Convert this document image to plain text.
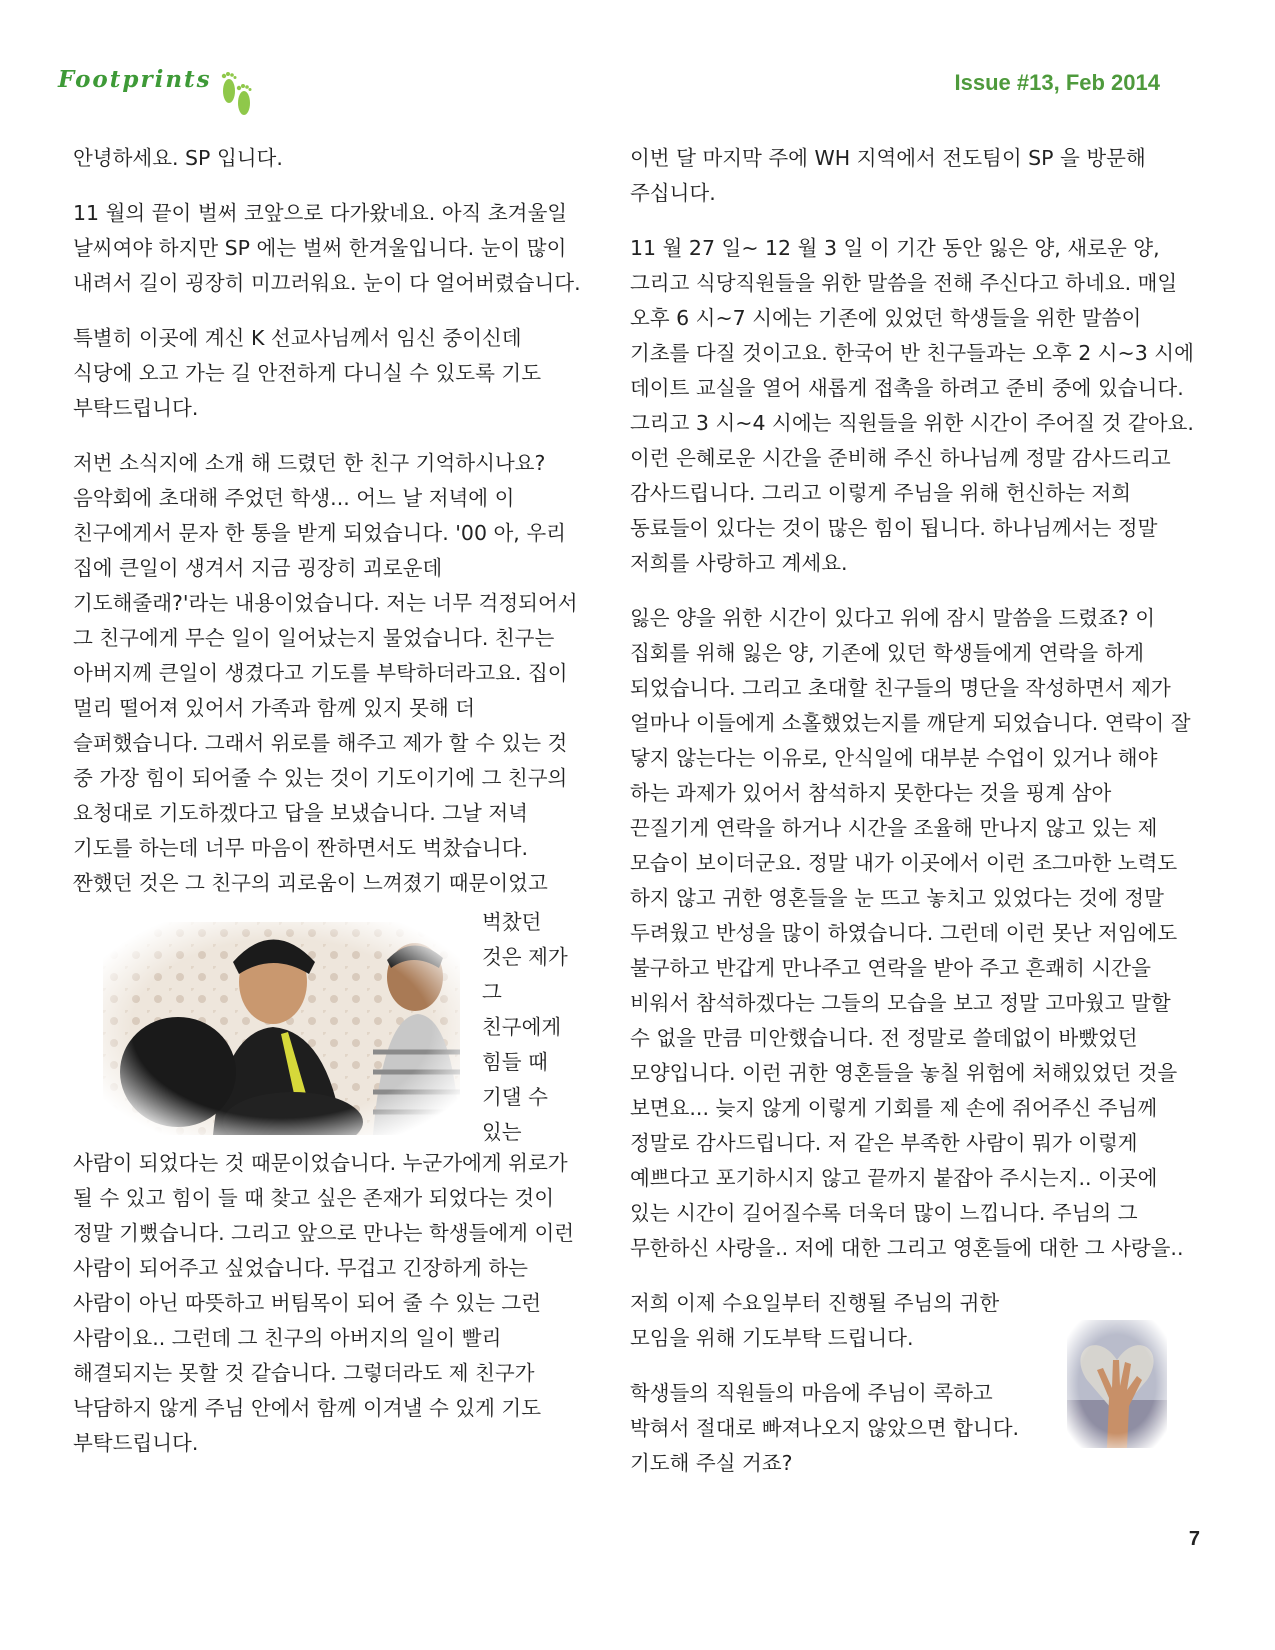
Footprints	Issue #13, Feb 2014

안녕하세요. SP 입니다.

11 월의 끝이 벌써 코앞으로 다가왔네요. 아직 초겨울일
날씨여야 하지만 SP 에는 벌써 한겨울입니다. 눈이 많이
내려서 길이 굉장히 미끄러워요. 눈이 다 얼어버렸습니다.

특별히 이곳에 계신 K 선교사님께서 임신 중이신데
식당에 오고 가는 길 안전하게 다니실 수 있도록 기도
부탁드립니다.

저번 소식지에 소개 해 드렸던 한 친구 기억하시나요?
음악회에 초대해 주었던 학생... 어느 날 저녁에 이
친구에게서 문자 한 통을 받게 되었습니다. '00 아, 우리
집에 큰일이 생겨서 지금 굉장히 괴로운데
기도해줄래?'라는 내용이었습니다. 저는 너무 걱정되어서
그 친구에게 무슨 일이 일어났는지 물었습니다. 친구는
아버지께 큰일이 생겼다고 기도를 부탁하더라고요. 집이
멀리 떨어져 있어서 가족과 함께 있지 못해 더
슬퍼했습니다. 그래서 위로를 해주고 제가 할 수 있는 것
중 가장 힘이 되어줄 수 있는 것이 기도이기에 그 친구의
요청대로 기도하겠다고 답을 보냈습니다. 그날 저녁
기도를 하는데 너무 마음이 짠하면서도 벅찼습니다.
짠했던 것은 그 친구의 괴로움이 느껴졌기 때문이었고

사람이 되었다는 것 때문이었습니다. 누군가에게 위로가
될 수 있고 힘이 들 때 찾고 싶은 존재가 되었다는 것이
정말 기뻤습니다. 그리고 앞으로 만나는 학생들에게 이런
사람이 되어주고 싶었습니다. 무겁고 긴장하게 하는
사람이 아닌 따뜻하고 버팀목이 되어 줄 수 있는 그런
사람이요.. 그런데 그 친구의 아버지의 일이 빨리
해결되지는 못할 것 같습니다. 그렇더라도 제 친구가
낙담하지 않게 주님 안에서 함께 이겨낼 수 있게 기도
부탁드립니다.

벅찼던
것은 제가
그
친구에게
힘들 때
기댈 수
있는

이번 달 마지막 주에 WH 지역에서 전도팀이 SP 을 방문해
주십니다.

11 월 27 일~ 12 월 3 일 이 기간 동안 잃은 양, 새로운 양,
그리고 식당직원들을 위한 말씀을 전해 주신다고 하네요. 매일
오후 6 시~7 시에는 기존에 있었던 학생들을 위한 말씀이
기초를 다질 것이고요. 한국어 반 친구들과는 오후 2 시~3 시에
데이트 교실을 열어 새롭게 접촉을 하려고 준비 중에 있습니다.
그리고 3 시~4 시에는 직원들을 위한 시간이 주어질 것 같아요.
이런 은혜로운 시간을 준비해 주신 하나님께 정말 감사드리고
감사드립니다. 그리고 이렇게 주님을 위해 헌신하는 저희
동료들이 있다는 것이 많은 힘이 됩니다. 하나님께서는 정말
저희를 사랑하고 계세요.

잃은 양을 위한 시간이 있다고 위에 잠시 말씀을 드렸죠? 이
집회를 위해 잃은 양, 기존에 있던 학생들에게 연락을 하게
되었습니다. 그리고 초대할 친구들의 명단을 작성하면서 제가
얼마나 이들에게 소홀했었는지를 깨닫게 되었습니다. 연락이 잘
닿지 않는다는 이유로, 안식일에 대부분 수업이 있거나 해야
하는 과제가 있어서 참석하지 못한다는 것을 핑계 삼아
끈질기게 연락을 하거나 시간을 조율해 만나지 않고 있는 제
모습이 보이더군요. 정말 내가 이곳에서 이런 조그마한 노력도
하지 않고 귀한 영혼들을 눈 뜨고 놓치고 있었다는 것에 정말
두려웠고 반성을 많이 하였습니다. 그런데 이런 못난 저임에도
불구하고 반갑게 만나주고 연락을 받아 주고 흔쾌히 시간을
비워서 참석하겠다는 그들의 모습을 보고 정말 고마웠고 말할
수 없을 만큼 미안했습니다. 전 정말로 쓸데없이 바빴었던
모양입니다. 이런 귀한 영혼들을 놓칠 위험에 처해있었던 것을
보면요... 늦지 않게 이렇게 기회를 제 손에 쥐어주신 주님께
정말로 감사드립니다. 저 같은 부족한 사람이 뭐가 이렇게
예쁘다고 포기하시지 않고 끝까지 붙잡아 주시는지.. 이곳에
있는 시간이 길어질수록 더욱더 많이 느낍니다. 주님의 그
무한하신 사랑을.. 저에 대한 그리고 영혼들에 대한 그 사랑을..

저희 이제 수요일부터 진행될 주님의 귀한
모임을 위해 기도부탁 드립니다.

학생들의 직원들의 마음에 주님이 콕하고
박혀서 절대로 빠져나오지 않았으면 합니다.
기도해 주실 거죠?

7
